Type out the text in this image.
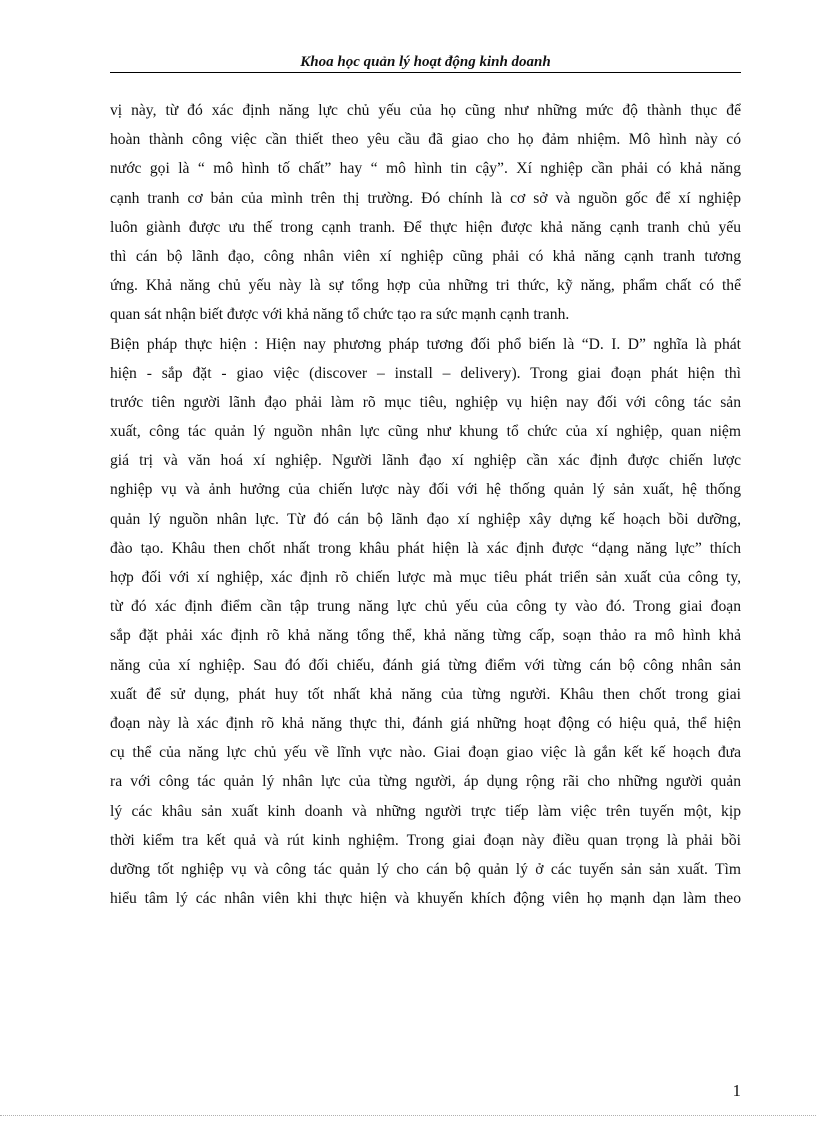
Khoa học quản lý hoạt động kinh doanh
vị này, từ đó xác định năng lực chủ yếu của họ cũng như những mức độ thành thục để
hoàn thành công việc cần thiết theo yêu cầu đã giao cho họ đảm nhiệm. Mô hình này có
nước gọi là “ mô hình tố chất” hay “ mô hình tin cậy”. Xí nghiệp cần phải có khả năng
cạnh tranh cơ bản của mình trên thị trường. Đó chính là cơ sở và nguồn gốc để xí nghiệp
luôn giành được ưu thế trong cạnh tranh. Để thực hiện được khả năng cạnh tranh chủ yếu
thì cán bộ lãnh đạo, công nhân viên xí nghiệp cũng phải có khả năng cạnh tranh tương
ứng. Khả năng chủ yếu này là sự tổng hợp của những tri thức, kỹ năng, phẩm chất có thể
quan sát nhận biết được với khả năng tổ chức tạo ra sức mạnh cạnh tranh.
Biện pháp thực hiện : Hiện nay phương pháp tương đối phổ biến là “D. I. D” nghĩa là phát
hiện - sắp đặt - giao việc (discover – install – delivery). Trong giai đoạn phát hiện thì
trước tiên người lãnh đạo phải làm rõ mục tiêu, nghiệp vụ hiện nay đối với công tác sản
xuất, công tác quản lý nguồn nhân lực cũng như khung tổ chức của xí nghiệp, quan niệm
giá trị và văn hoá xí nghiệp. Người lãnh đạo xí nghiệp cần xác định được chiến lược
nghiệp vụ và ảnh hưởng của chiến lược này đối với hệ thống quản lý sản xuất, hệ thống
quản lý nguồn nhân lực. Từ đó cán bộ lãnh đạo xí nghiệp xây dựng kế hoạch bồi dưỡng,
đào tạo. Khâu then chốt nhất trong khâu phát hiện là xác định được “dạng năng lực” thích
hợp đối với xí nghiệp, xác định rõ chiến lược mà mục tiêu phát triển sản xuất của công ty,
từ đó xác định điểm cần tập trung năng lực chủ yếu của công ty vào đó. Trong giai đoạn
sắp đặt phải xác định rõ khả năng tổng thể, khả năng từng cấp, soạn thảo ra mô hình khả
năng của xí nghiệp. Sau đó đối chiếu, đánh giá từng điểm với từng cán bộ công nhân sản
xuất để sử dụng, phát huy tốt nhất khả năng của từng người. Khâu then chốt trong giai
đoạn này là xác định rõ khả năng thực thi, đánh giá những hoạt động có hiệu quả, thể hiện
cụ thể của năng lực chủ yếu về lĩnh vực nào. Giai đoạn giao việc là gắn kết kế hoạch đưa
ra với công tác quản lý nhân lực của từng người, áp dụng rộng rãi cho những người quản
lý các khâu sản xuất kinh doanh và những người trực tiếp làm việc trên tuyến một, kịp
thời kiểm tra kết quả và rút kinh nghiệm. Trong giai đoạn này điều quan trọng là phải bồi
dưỡng tốt nghiệp vụ và công tác quản lý cho cán bộ quản lý ở các tuyến sản sản xuất. Tìm
hiểu tâm lý các nhân viên khi thực hiện và khuyến khích động viên họ mạnh dạn làm theo
1
